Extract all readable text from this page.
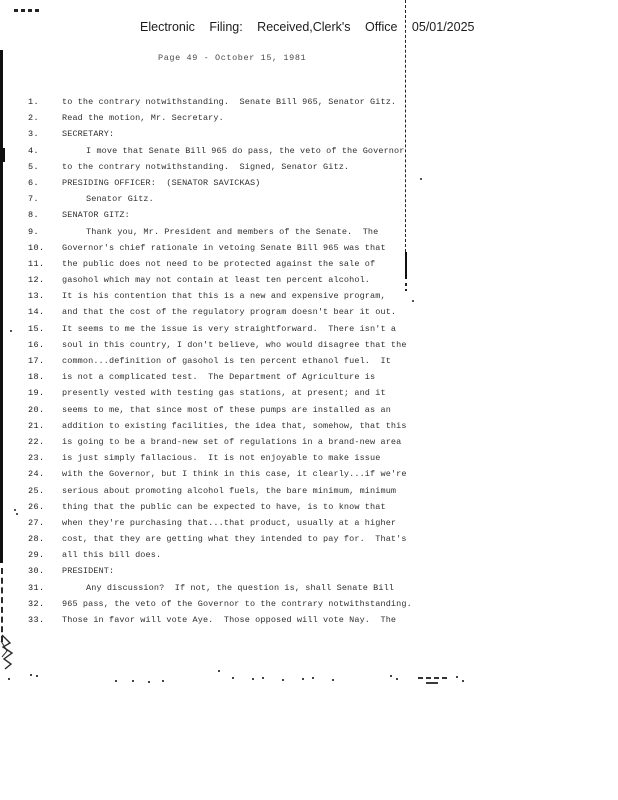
Electronic Filing: Received,Clerk's Office 05/01/2025
Page 49 - October 15, 1981
1.	to the contrary notwithstanding.  Senate Bill 965, Senator Gitz.
2.	Read the motion, Mr. Secretary.
3.	SECRETARY:
4.	I move that Senate Bill 965 do pass, the veto of the Governor
5.	to the contrary notwithstanding.  Signed, Senator Gitz.
6.	PRESIDING OFFICER:  (SENATOR SAVICKAS)
7.	Senator Gitz.
8.	SENATOR GITZ:
9.	Thank you, Mr. President and members of the Senate.  The
10.	Governor's chief rationale in vetoing Senate Bill 965 was that
11.	the public does not need to be protected against the sale of
12.	gasohol which may not contain at least ten percent alcohol.
13.	It is his contention that this is a new and expensive program,
14.	and that the cost of the regulatory program doesn't bear it out.
15.	It seems to me the issue is very straightforward.  There isn't a
16.	soul in this country, I don't believe, who would disagree that the
17.	common...definition of gasohol is ten percent ethanol fuel.  It
18.	is not a complicated test.  The Department of Agriculture is
19.	presently vested with testing gas stations, at present; and it
20.	seems to me, that since most of these pumps are installed as an
21.	addition to existing facilities, the idea that, somehow, that this
22.	is going to be a brand-new set of regulations in a brand-new area
23.	is just simply fallacious.  It is not enjoyable to make issue
24.	with the Governor, but I think in this case, it clearly...if we're
25.	serious about promoting alcohol fuels, the bare minimum, minimum
26.	thing that the public can be expected to have, is to know that
27.	when they're purchasing that...that product, usually at a higher
28.	cost, that they are getting what they intended to pay for.  That's
29.	all this bill does.
30.	PRESIDENT:
31.	Any discussion?  If not, the question is, shall Senate Bill
32.	965 pass, the veto of the Governor to the contrary notwithstanding.
33.	Those in favor will vote Aye.  Those opposed will vote Nay.  The
